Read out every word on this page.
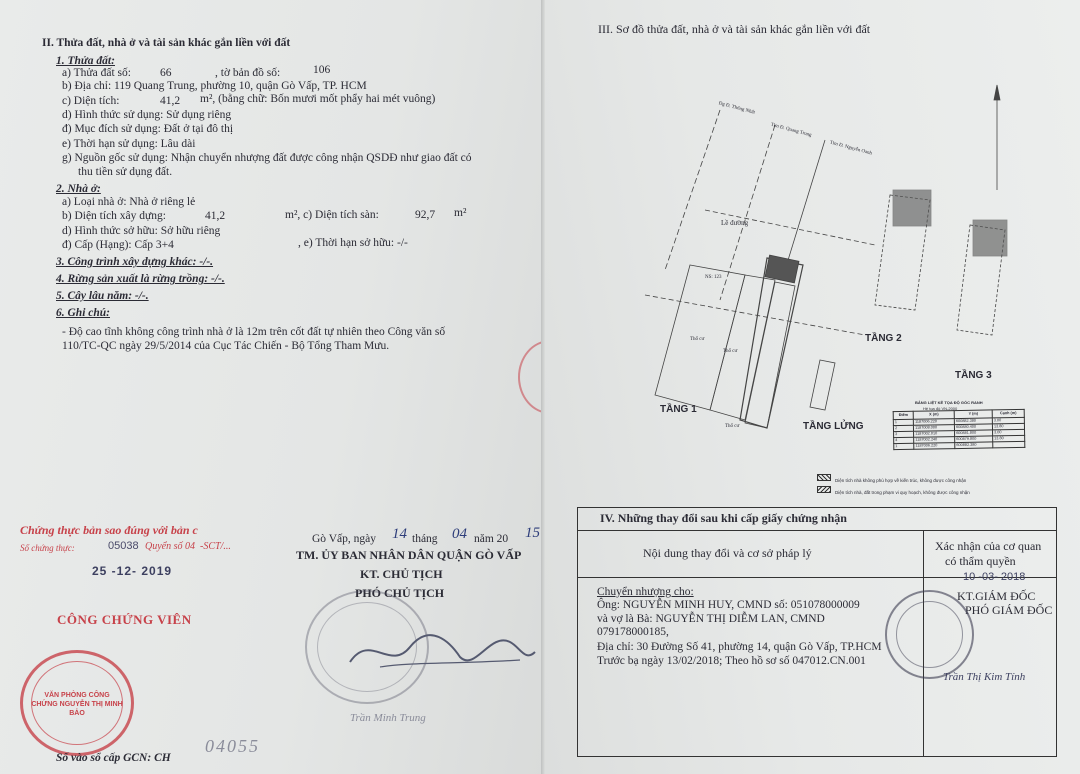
II. Thửa đất, nhà ở và tài sản khác gắn liền với đất
1. Thửa đất:
a) Thửa đất số:	66	, tờ bản đồ số:	106
b) Địa chỉ: 119 Quang Trung, phường 10, quận Gò Vấp, TP. HCM
c) Diện tích:	41,2 m², (bằng chữ: Bốn mươi mốt phẩy hai mét vuông)
d) Hình thức sử dụng: Sử dụng riêng
đ) Mục đích sử dụng: Đất ở tại đô thị
e) Thời hạn sử dụng: Lâu dài
g) Nguồn gốc sử dụng: Nhận chuyển nhượng đất được công nhận QSDĐ như giao đất có
thu tiền sử dụng đất.
2. Nhà ở:
a) Loại nhà ở: Nhà ở riêng lẻ
b) Diện tích xây dựng:	41,2	m², c) Diện tích sàn:	92,7 m²
d) Hình thức sở hữu: Sở hữu riêng
đ) Cấp (Hạng): Cấp 3+4	, e) Thời hạn sở hữu: -/-
3. Công trình xây dựng khác: -/-.
4. Rừng sản xuất là rừng trồng: -/-.
5. Cây lâu năm: -/-.
6. Ghi chú:
- Độ cao tĩnh không công trình nhà ở là 12m trên cốt đất tự nhiên theo Công văn số
110/TC-QC ngày 29/5/2014 của Cục Tác Chiến - Bộ Tổng Tham Mưu.
Chứng thực bản sao đúng với bản c
Số chứng thực:	05038 Quyển số 04 -SCT/...
25 -12- 2019
CÔNG CHỨNG VIÊN
VĂN PHÒNG CÔNG CHỨNG NGUYỄN THỊ MINH BẢO
Gò Vấp, ngày 14 tháng 04 năm 20 15
TM. ỦY BAN NHÂN DÂN QUẬN GÒ VẤP
KT. CHỦ TỊCH
PHÓ CHỦ TỊCH
Trần Minh Trung
Số vào sổ cấp GCN: CH
04055
III. Sơ đồ thửa đất, nhà ở và tài sản khác gắn liền với đất
Đg Đ. Thống Nhất
Tim Đ. Quang Trung
Tim Đ. Nguyễn Oanh
Lề đường
NS: 123
Thổ cư
Thổ cư
Thổ cư
TẦNG 1
TẦNG LỬNG
TẦNG 2
TẦNG 3
BẢNG LIỆT KÊ TỌA ĐỘ GÓC RANH
Hệ tọa độ VN-2000
Điểm	X (m)	Y (m)	Cạnh (m)
1	1187006.220	600882.380	3.00
2	1187008.000	600880.400	13.80
3	1187002.010	600881.800	3.00
4	1187002.240	600879.800	13.80
1	1187006.220	600882.380	
Diện tích nhà không phù hợp về kiến trúc, không được công nhận
Diện tích nhà, đất trong phạm vi quy hoạch, không được công nhận
IV. Những thay đổi sau khi cấp giấy chứng nhận
Nội dung thay đổi và cơ sở pháp lý	Xác nhận của cơ quan
có thẩm quyền
Chuyển nhượng cho:
Ông: NGUYỄN MINH HUY, CMND số: 051078000009
và vợ là Bà: NGUYỄN THỊ DIỄM LAN, CMND
079178000185,
Địa chỉ: 30 Đường Số 41, phường 14, quận Gò Vấp, TP.HCM
Trước bạ ngày 13/02/2018; Theo hồ sơ số 047012.CN.001
10 -03- 2018
KT.GIÁM ĐỐC
PHÓ GIÁM ĐỐC
Trần Thị Kim Tính
